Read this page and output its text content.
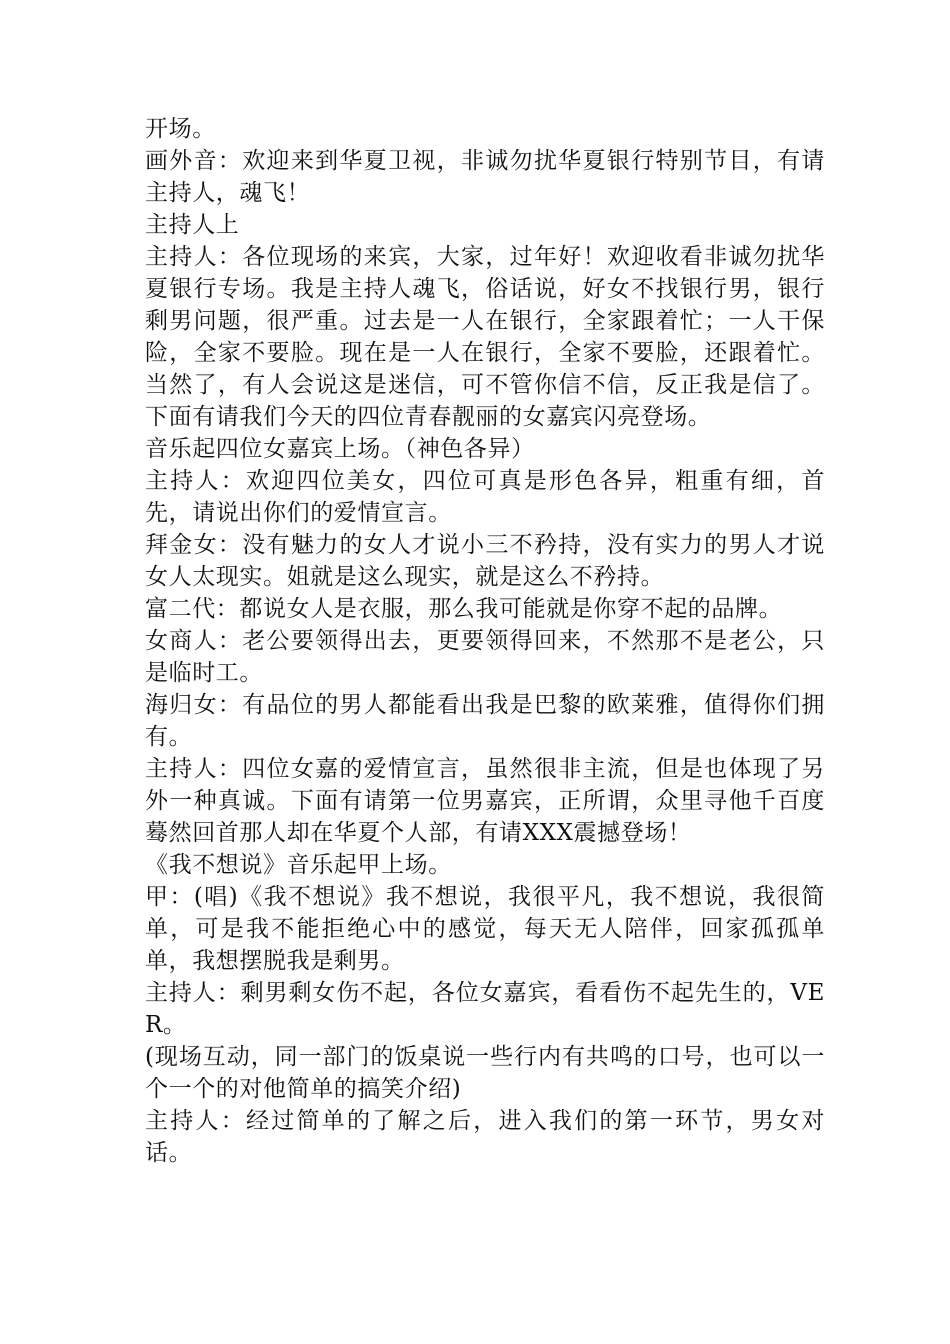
开场。

画外音：欢迎来到华夏卫视，非诚勿扰华夏银行特别节目，有请主持人，魂飞！

主持人上

主持人：各位现场的来宾，大家，过年好！欢迎收看非诚勿扰华夏银行专场。我是主持人魂飞，俗话说，好女不找银行男，银行剩男问题，很严重。过去是一人在银行，全家跟着忙；一人干保险，全家不要脸。现在是一人在银行，全家不要脸，还跟着忙。当然了，有人会说这是迷信，可不管你信不信，反正我是信了。下面有请我们今天的四位青春靓丽的女嘉宾闪亮登场。

音乐起四位女嘉宾上场。（神色各异）

主持人：欢迎四位美女，四位可真是形色各异，粗重有细，首先，请说出你们的爱情宣言。

拜金女：没有魅力的女人才说小三不矜持，没有实力的男人才说女人太现实。姐就是这么现实，就是这么不矜持。

富二代：都说女人是衣服，那么我可能就是你穿不起的品牌。

女商人：老公要领得出去，更要领得回来，不然那不是老公，只是临时工。

海归女：有品位的男人都能看出我是巴黎的欧莱雅，值得你们拥有。

主持人：四位女嘉的爱情宣言，虽然很非主流，但是也体现了另外一种真诚。下面有请第一位男嘉宾，正所谓，众里寻他千百度 蓦然回首那人却在华夏个人部，有请XXX震撼登场！

《我不想说》音乐起甲上场。

甲：(唱)《我不想说》我不想说，我很平凡，我不想说，我很简单，可是我不能拒绝心中的感觉，每天无人陪伴，回家孤孤单单，我想摆脱我是剩男。

主持人：剩男剩女伤不起，各位女嘉宾，看看伤不起先生的，VER。

(现场互动，同一部门的饭桌说一些行内有共鸣的口号，也可以一个一个的对他简单的搞笑介绍)

主持人：经过简单的了解之后，进入我们的第一环节，男女对话。
